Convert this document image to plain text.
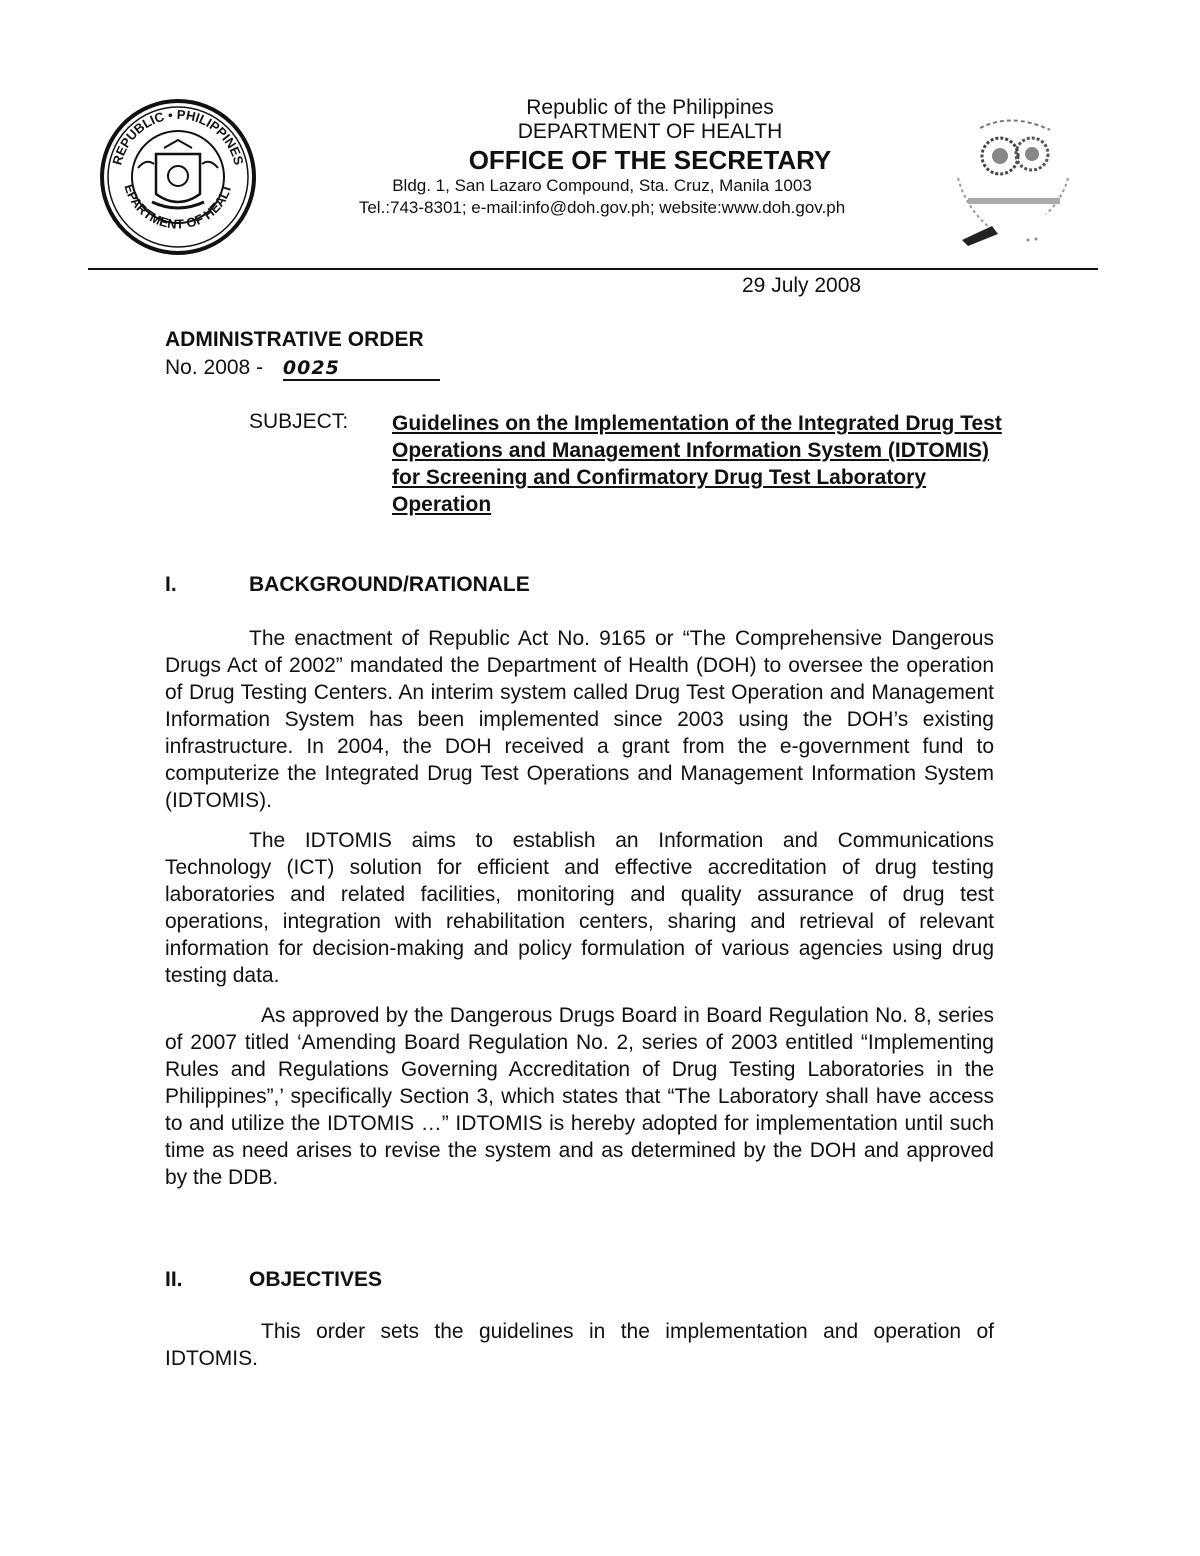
REPUBLIC • PHILIPPINES
EPARTMENT OF HEALT
Republic of the Philippines
DEPARTMENT OF HEALTH
OFFICE OF THE SECRETARY
Bldg. 1, San Lazaro Compound, Sta. Cruz, Manila 1003
Tel.:743-8301; e-mail:info@doh.gov.ph; website:www.doh.gov.ph
29 July 2008
ADMINISTRATIVE ORDER
No. 2008 - 0025
SUBJECT: Guidelines on the Implementation of the Integrated Drug Test Operations and Management Information System (IDTOMIS) for Screening and Confirmatory Drug Test Laboratory Operation
I.	BACKGROUND/RATIONALE

The enactment of Republic Act No. 9165 or “The Comprehensive Dangerous Drugs Act of 2002” mandated the Department of Health (DOH) to oversee the operation of Drug Testing Centers. An interim system called Drug Test Operation and Management Information System has been implemented since 2003 using the DOH’s existing infrastructure. In 2004, the DOH received a grant from the e-government fund to computerize the Integrated Drug Test Operations and Management Information System (IDTOMIS).

The IDTOMIS aims to establish an Information and Communications Technology (ICT) solution for efficient and effective accreditation of drug testing laboratories and related facilities, monitoring and quality assurance of drug test operations, integration with rehabilitation centers, sharing and retrieval of relevant information for decision-making and policy formulation of various agencies using drug testing data.

As approved by the Dangerous Drugs Board in Board Regulation No. 8, series of 2007 titled ‘Amending Board Regulation No. 2, series of 2003 entitled “Implementing Rules and Regulations Governing Accreditation of Drug Testing Laboratories in the Philippines”,’ specifically Section 3, which states that “The Laboratory shall have access to and utilize the IDTOMIS …” IDTOMIS is hereby adopted for implementation until such time as need arises to revise the system and as determined by the DOH and approved by the DDB.

II.	OBJECTIVES

This order sets the guidelines in the implementation and operation of IDTOMIS.
